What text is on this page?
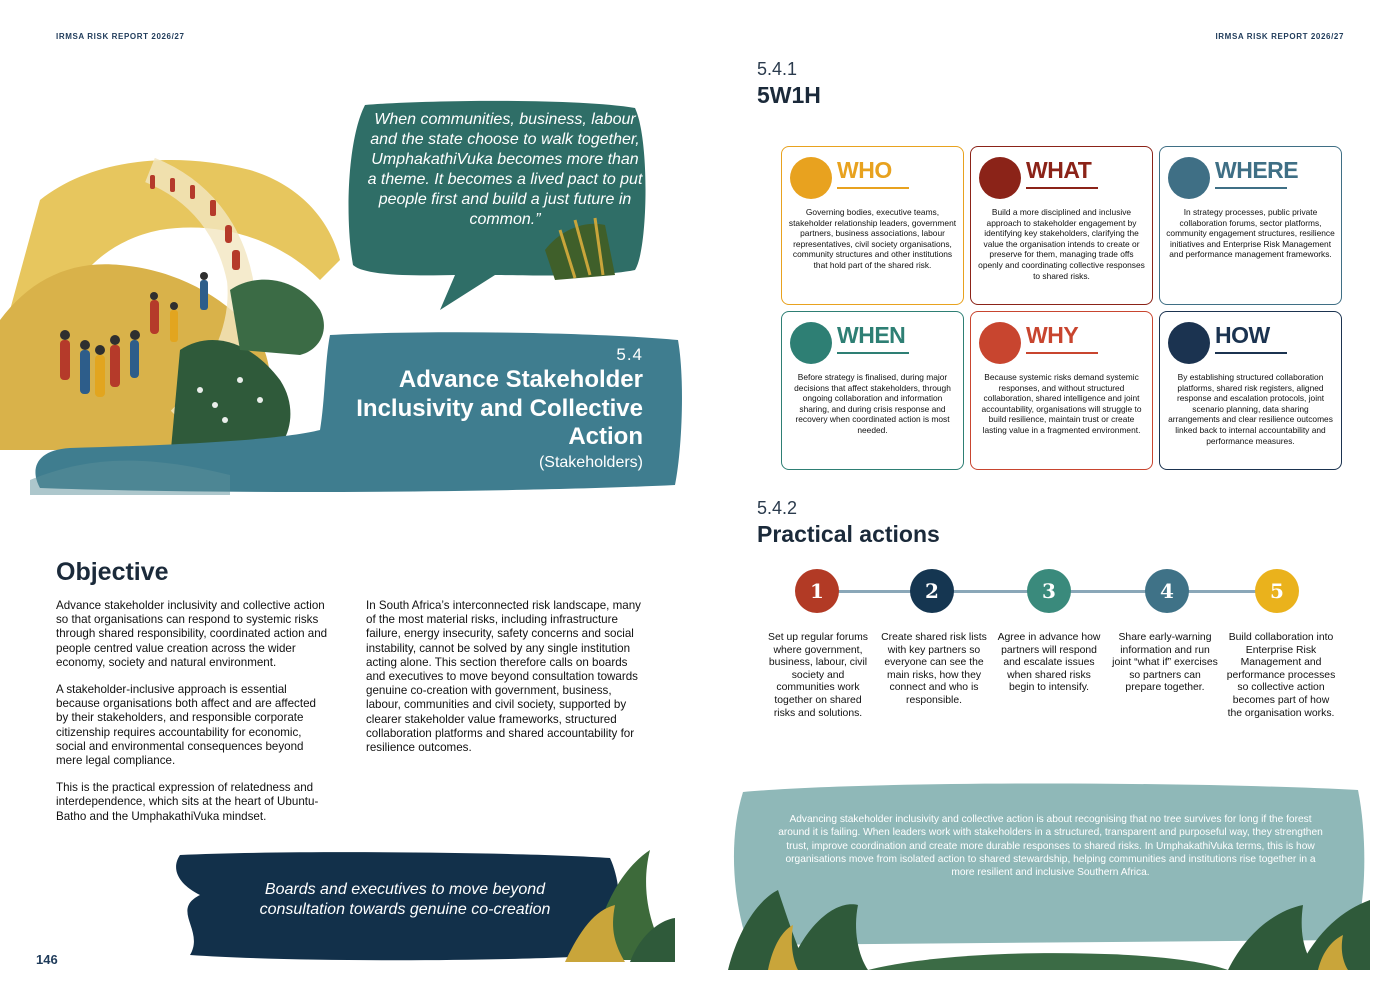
IRMSA RISK REPORT 2026/27	IRMSA RISK REPORT 2026/27
146
When communities, business, labour and the state choose to walk together, UmphakathiVuka becomes more than a theme. It becomes a lived pact to put people first and build a just future in common.”
5.4
Advance Stakeholder Inclusivity and Collective Action
(Stakeholders)
Objective

Advance stakeholder inclusivity and collective action so that organisations can respond to systemic risks through shared responsibility, coordinated action and people centred value creation across the wider economy, society and natural environment.

A stakeholder-inclusive approach is essential because organisations both affect and are affected by their stakeholders, and responsible corporate citizenship requires accountability for economic, social and environmental consequences beyond mere legal compliance.

This is the practical expression of relatedness and interdependence, which sits at the heart of Ubuntu-Batho and the UmphakathiVuka mindset.

In South Africa’s interconnected risk landscape, many of the most material risks, including infrastructure failure, energy insecurity, safety concerns and social instability, cannot be solved by any single institution acting alone. This section therefore calls on boards and executives to move beyond consultation towards genuine co-creation with government, business, labour, communities and civil society, supported by clearer stakeholder value frameworks, structured collaboration platforms and shared accountability for resilience outcomes.

Boards and executives to move beyond consultation towards genuine co-creation
5.4.1
5W1H
WHO
Governing bodies, executive teams, stakeholder relationship leaders, government partners, business associations, labour representatives, civil society organisations, community structures and other institutions that hold part of the shared risk.
WHAT
Build a more disciplined and inclusive approach to stakeholder engagement by identifying key stakeholders, clarifying the value the organisation intends to create or preserve for them, managing trade offs openly and coordinating collective responses to shared risks.
WHERE
In strategy processes, public private collaboration forums, sector platforms, community engagement structures, resilience initiatives and Enterprise Risk Management and performance management frameworks.
WHEN
Before strategy is finalised, during major decisions that affect stakeholders, through ongoing collaboration and information sharing, and during crisis response and recovery when coordinated action is most needed.
WHY
Because systemic risks demand systemic responses, and without structured collaboration, shared intelligence and joint accountability, organisations will struggle to build resilience, maintain trust or create lasting value in a fragmented environment.
HOW
By establishing structured collaboration platforms, shared risk registers, aligned response and escalation protocols, joint scenario planning, data sharing arrangements and clear resilience outcomes linked back to internal accountability and performance measures.
5.4.2
Practical actions
1	2	3	4	5
Set up regular forums where government, business, labour, civil society and communities work together on shared risks and solutions.
Create shared risk lists with key partners so everyone can see the main risks, how they connect and who is responsible.
Agree in advance how partners will respond and escalate issues when shared risks begin to intensify.
Share early-warning information and run joint “what if” exercises so partners can prepare together.
Build collaboration into Enterprise Risk Management and performance processes so collective action becomes part of how the organisation works.
Advancing stakeholder inclusivity and collective action is about recognising that no tree survives for long if the forest around it is failing. When leaders work with stakeholders in a structured, transparent and purposeful way, they strengthen trust, improve coordination and create more durable responses to shared risks. In UmphakathiVuka terms, this is how organisations move from isolated action to shared stewardship, helping communities and institutions rise together in a more resilient and inclusive Southern Africa.
